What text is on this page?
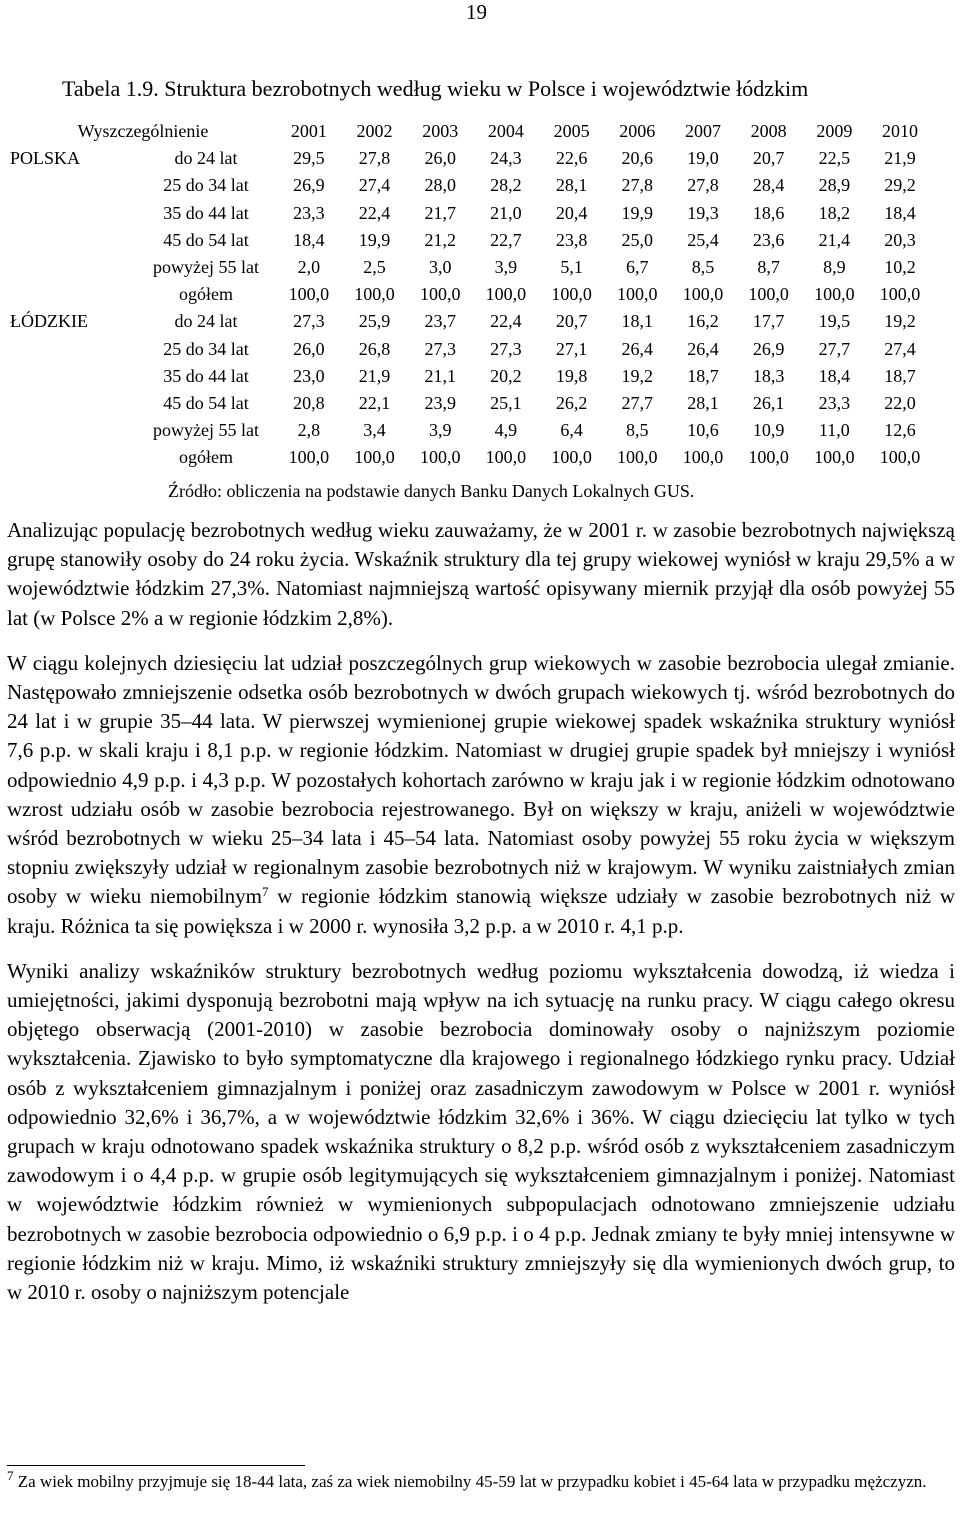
19
Tabela 1.9. Struktura bezrobotnych według wieku w Polsce i województwie łódzkim
Wyszczególnienie		2001	2002	2003	2004	2005	2006	2007	2008	2009	2010
POLSKA	do 24 lat	29,5	27,8	26,0	24,3	22,6	20,6	19,0	20,7	22,5	21,9
	25 do 34 lat	26,9	27,4	28,0	28,2	28,1	27,8	27,8	28,4	28,9	29,2
	35 do 44 lat	23,3	22,4	21,7	21,0	20,4	19,9	19,3	18,6	18,2	18,4
	45 do 54 lat	18,4	19,9	21,2	22,7	23,8	25,0	25,4	23,6	21,4	20,3
	powyżej 55 lat	2,0	2,5	3,0	3,9	5,1	6,7	8,5	8,7	8,9	10,2
	ogółem	100,0	100,0	100,0	100,0	100,0	100,0	100,0	100,0	100,0	100,0
ŁÓDZKIE	do 24 lat	27,3	25,9	23,7	22,4	20,7	18,1	16,2	17,7	19,5	19,2
	25 do 34 lat	26,0	26,8	27,3	27,3	27,1	26,4	26,4	26,9	27,7	27,4
	35 do 44 lat	23,0	21,9	21,1	20,2	19,8	19,2	18,7	18,3	18,4	18,7
	45 do 54 lat	20,8	22,1	23,9	25,1	26,2	27,7	28,1	26,1	23,3	22,0
	powyżej 55 lat	2,8	3,4	3,9	4,9	6,4	8,5	10,6	10,9	11,0	12,6
	ogółem	100,0	100,0	100,0	100,0	100,0	100,0	100,0	100,0	100,0	100,0
Źródło: obliczenia na podstawie danych Banku Danych Lokalnych GUS.

Analizując populację bezrobotnych według wieku zauważamy, że w 2001 r. w zasobie bezrobotnych największą grupę stanowiły osoby do 24 roku życia. Wskaźnik struktury dla tej grupy wiekowej wyniósł w kraju 29,5% a w województwie łódzkim 27,3%. Natomiast najmniejszą wartość opisywany miernik przyjął dla osób powyżej 55 lat (w Polsce 2% a w regionie łódzkim 2,8%).

W ciągu kolejnych dziesięciu lat udział poszczególnych grup wiekowych w zasobie bezrobocia ulegał zmianie. Następowało zmniejszenie odsetka osób bezrobotnych w dwóch grupach wiekowych tj. wśród bezrobotnych do 24 lat i w grupie 35–44 lata. W pierwszej wymienionej grupie wiekowej spadek wskaźnika struktury wyniósł 7,6 p.p. w skali kraju i 8,1 p.p. w regionie łódzkim. Natomiast w drugiej grupie spadek był mniejszy i wyniósł odpowiednio 4,9 p.p. i 4,3 p.p. W pozostałych kohortach zarówno w kraju jak i w regionie łódzkim odnotowano wzrost udziału osób w zasobie bezrobocia rejestrowanego. Był on większy w kraju, aniżeli w województwie wśród bezrobotnych w wieku 25–34 lata i 45–54 lata. Natomiast osoby powyżej 55 roku życia w większym stopniu zwiększyły udział w regionalnym zasobie bezrobotnych niż w krajowym. W wyniku zaistniałych zmian osoby w wieku niemobilnym$^7$ w regionie łódzkim stanowią większe udziały w zasobie bezrobotnych niż w kraju. Różnica ta się powiększa i w 2000 r. wynosiła 3,2 p.p. a w 2010 r. 4,1 p.p.

Wyniki analizy wskaźników struktury bezrobotnych według poziomu wykształcenia dowodzą, iż wiedza i umiejętności, jakimi dysponują bezrobotni mają wpływ na ich sytuację na runku pracy. W ciągu całego okresu objętego obserwacją (2001-2010) w zasobie bezrobocia dominowały osoby o najniższym poziomie wykształcenia. Zjawisko to było symptomatyczne dla krajowego i regionalnego łódzkiego rynku pracy. Udział osób z wykształceniem gimnazjalnym i poniżej oraz zasadniczym zawodowym w Polsce w 2001 r. wyniósł odpowiednio 32,6% i 36,7%, a w województwie łódzkim 32,6% i 36%. W ciągu dziecięciu lat tylko w tych grupach w kraju odnotowano spadek wskaźnika struktury o 8,2 p.p. wśród osób z wykształceniem zasadniczym zawodowym i o 4,4 p.p. w grupie osób legitymujących się wykształceniem gimnazjalnym i poniżej. Natomiast w województwie łódzkim również w wymienionych subpopulacjach odnotowano zmniejszenie udziału bezrobotnych w zasobie bezrobocia odpowiednio o 6,9 p.p. i o 4 p.p. Jednak zmiany te były mniej intensywne w regionie łódzkim niż w kraju. Mimo, iż wskaźniki struktury zmniejszyły się dla wymienionych dwóch grup, to w 2010 r. osoby o najniższym potencjale

$^7$ Za wiek mobilny przyjmuje się 18-44 lata, zaś za wiek niemobilny 45-59 lat w przypadku kobiet i 45-64 lata w przypadku mężczyzn.
